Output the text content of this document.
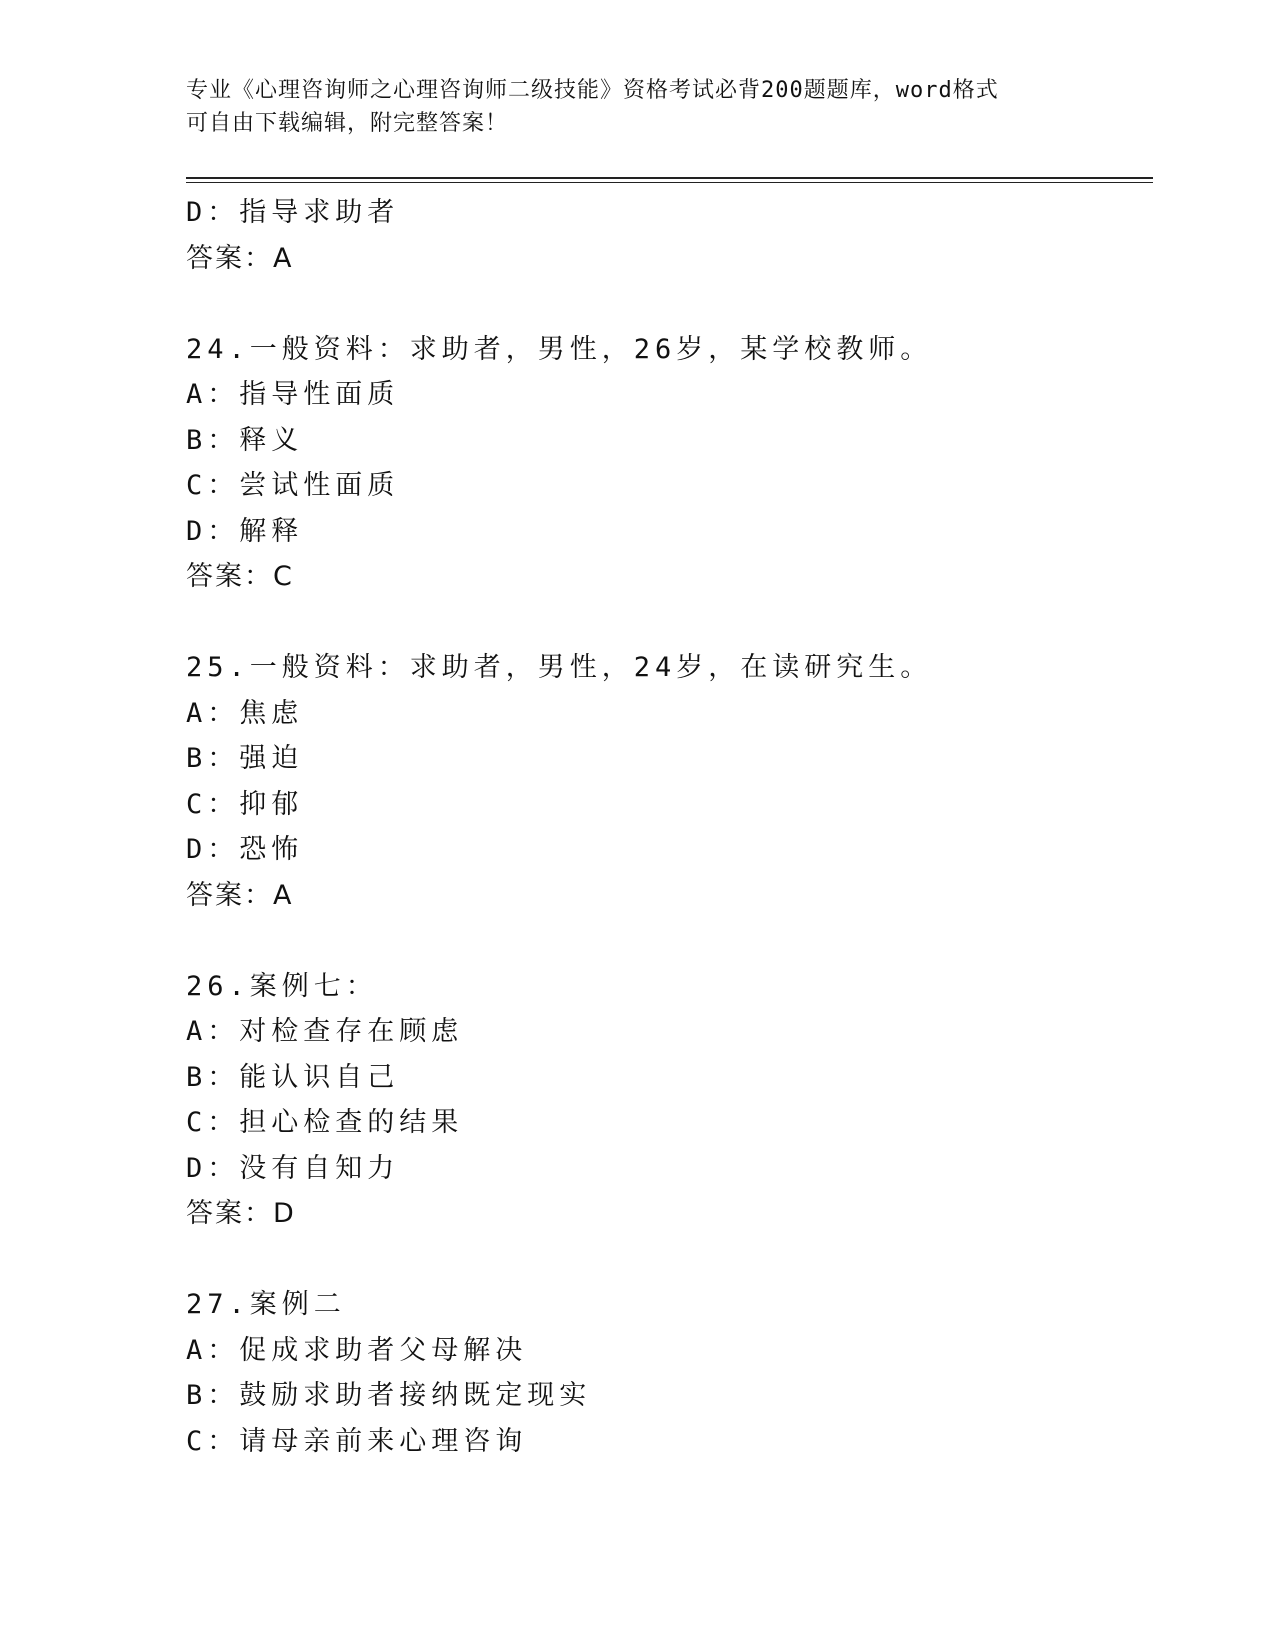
专业《心理咨询师之心理咨询师二级技能》资格考试必背200题题库，word格式
可自由下载编辑，附完整答案！
D：指导求助者
答案：A
24.一般资料：求助者，男性，26岁，某学校教师。
A：指导性面质
B：释义
C：尝试性面质
D：解释
答案：C
25.一般资料：求助者，男性，24岁，在读研究生。
A：焦虑
B：强迫
C：抑郁
D：恐怖
答案：A
26.案例七：
A：对检查存在顾虑
B：能认识自己
C：担心检查的结果
D：没有自知力
答案：D
27.案例二
A：促成求助者父母解决
B：鼓励求助者接纳既定现实
C：请母亲前来心理咨询
